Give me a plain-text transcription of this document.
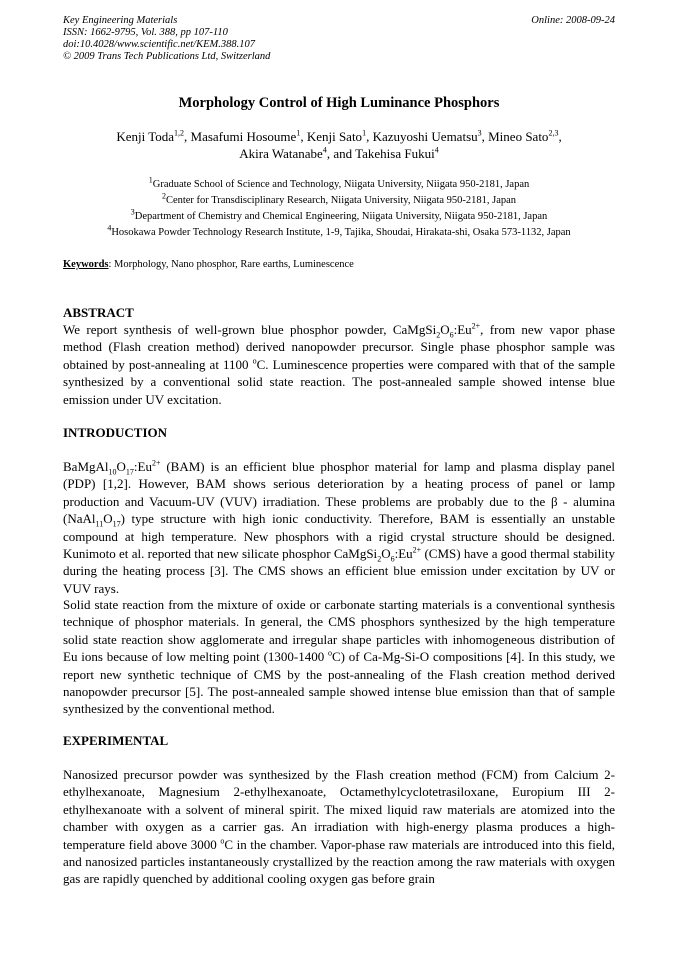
Key Engineering Materials
ISSN: 1662-9795, Vol. 388, pp 107-110
doi:10.4028/www.scientific.net/KEM.388.107
© 2009 Trans Tech Publications Ltd, Switzerland
Online: 2008-09-24
Morphology Control of High Luminance Phosphors
Kenji Toda$^{1,2}$, Masafumi Hosoume$^1$, Kenji Sato$^1$, Kazuyoshi Uematsu$^3$, Mineo Sato$^{2,3}$,
Akira Watanabe$^4$, and Takehisa Fukui$^4$
$^1$Graduate School of Science and Technology, Niigata University, Niigata 950-2181, Japan
$^2$Center for Transdisciplinary Research, Niigata University, Niigata 950-2181, Japan
$^3$Department of Chemistry and Chemical Engineering, Niigata University, Niigata 950-2181, Japan
$^4$Hosokawa Powder Technology Research Institute, 1-9, Tajika, Shoudai, Hirakata-shi, Osaka 573-1132, Japan
Keywords: Morphology, Nano phosphor, Rare earths, Luminescence
ABSTRACT
We report synthesis of well-grown blue phosphor powder, $CaMgSi_2O_6:Eu^{2+}$, from new vapor phase method (Flash creation method) derived nanopowder precursor. Single phase phosphor sample was obtained by post-annealing at 1100 $^o$C. Luminescence properties were compared with that of the sample synthesized by a conventional solid state reaction. The post-annealed sample showed intense blue emission under UV excitation.
INTRODUCTION
$BaMgAl_{10}O_{17}:Eu^{2+}$ (BAM) is an efficient blue phosphor material for lamp and plasma display panel (PDP) [1,2]. However, BAM shows serious deterioration by a heating process of panel or lamp production and Vacuum-UV (VUV) irradiation. These problems are probably due to the β - alumina $(NaAl_{11}O_{17})$ type structure with high ionic conductivity. Therefore, BAM is essentially an unstable compound at high temperature. New phosphors with a rigid crystal structure should be designed. Kunimoto et al. reported that new silicate phosphor $CaMgSi_2O_6:Eu^{2+}$ (CMS) have a good thermal stability during the heating process [3]. The CMS shows an efficient blue emission under excitation by UV or VUV rays.
Solid state reaction from the mixture of oxide or carbonate starting materials is a conventional synthesis technique of phosphor materials. In general, the CMS phosphors synthesized by the high temperature solid state reaction show agglomerate and irregular shape particles with inhomogeneous distribution of Eu ions because of low melting point (1300-1400 $^o$C) of Ca-Mg-Si-O compositions [4]. In this study, we report new synthetic technique of CMS by the post-annealing of the Flash creation method derived nanopowder precursor [5]. The post-annealed sample showed intense blue emission than that of sample synthesized by the conventional method.
EXPERIMENTAL
Nanosized precursor powder was synthesized by the Flash creation method (FCM) from Calcium 2-ethylhexanoate, Magnesium 2-ethylhexanoate, Octamethylcyclotetrasiloxane, Europium III 2-ethylhexanoate with a solvent of mineral spirit. The mixed liquid raw materials are atomized into the chamber with oxygen as a carrier gas. An irradiation with high-energy plasma produces a high-temperature field above 3000 $^o$C in the chamber. Vapor-phase raw materials are introduced into this field, and nanosized particles instantaneously crystallized by the reaction among the raw materials with oxygen gas are rapidly quenched by additional cooling oxygen gas before grain
